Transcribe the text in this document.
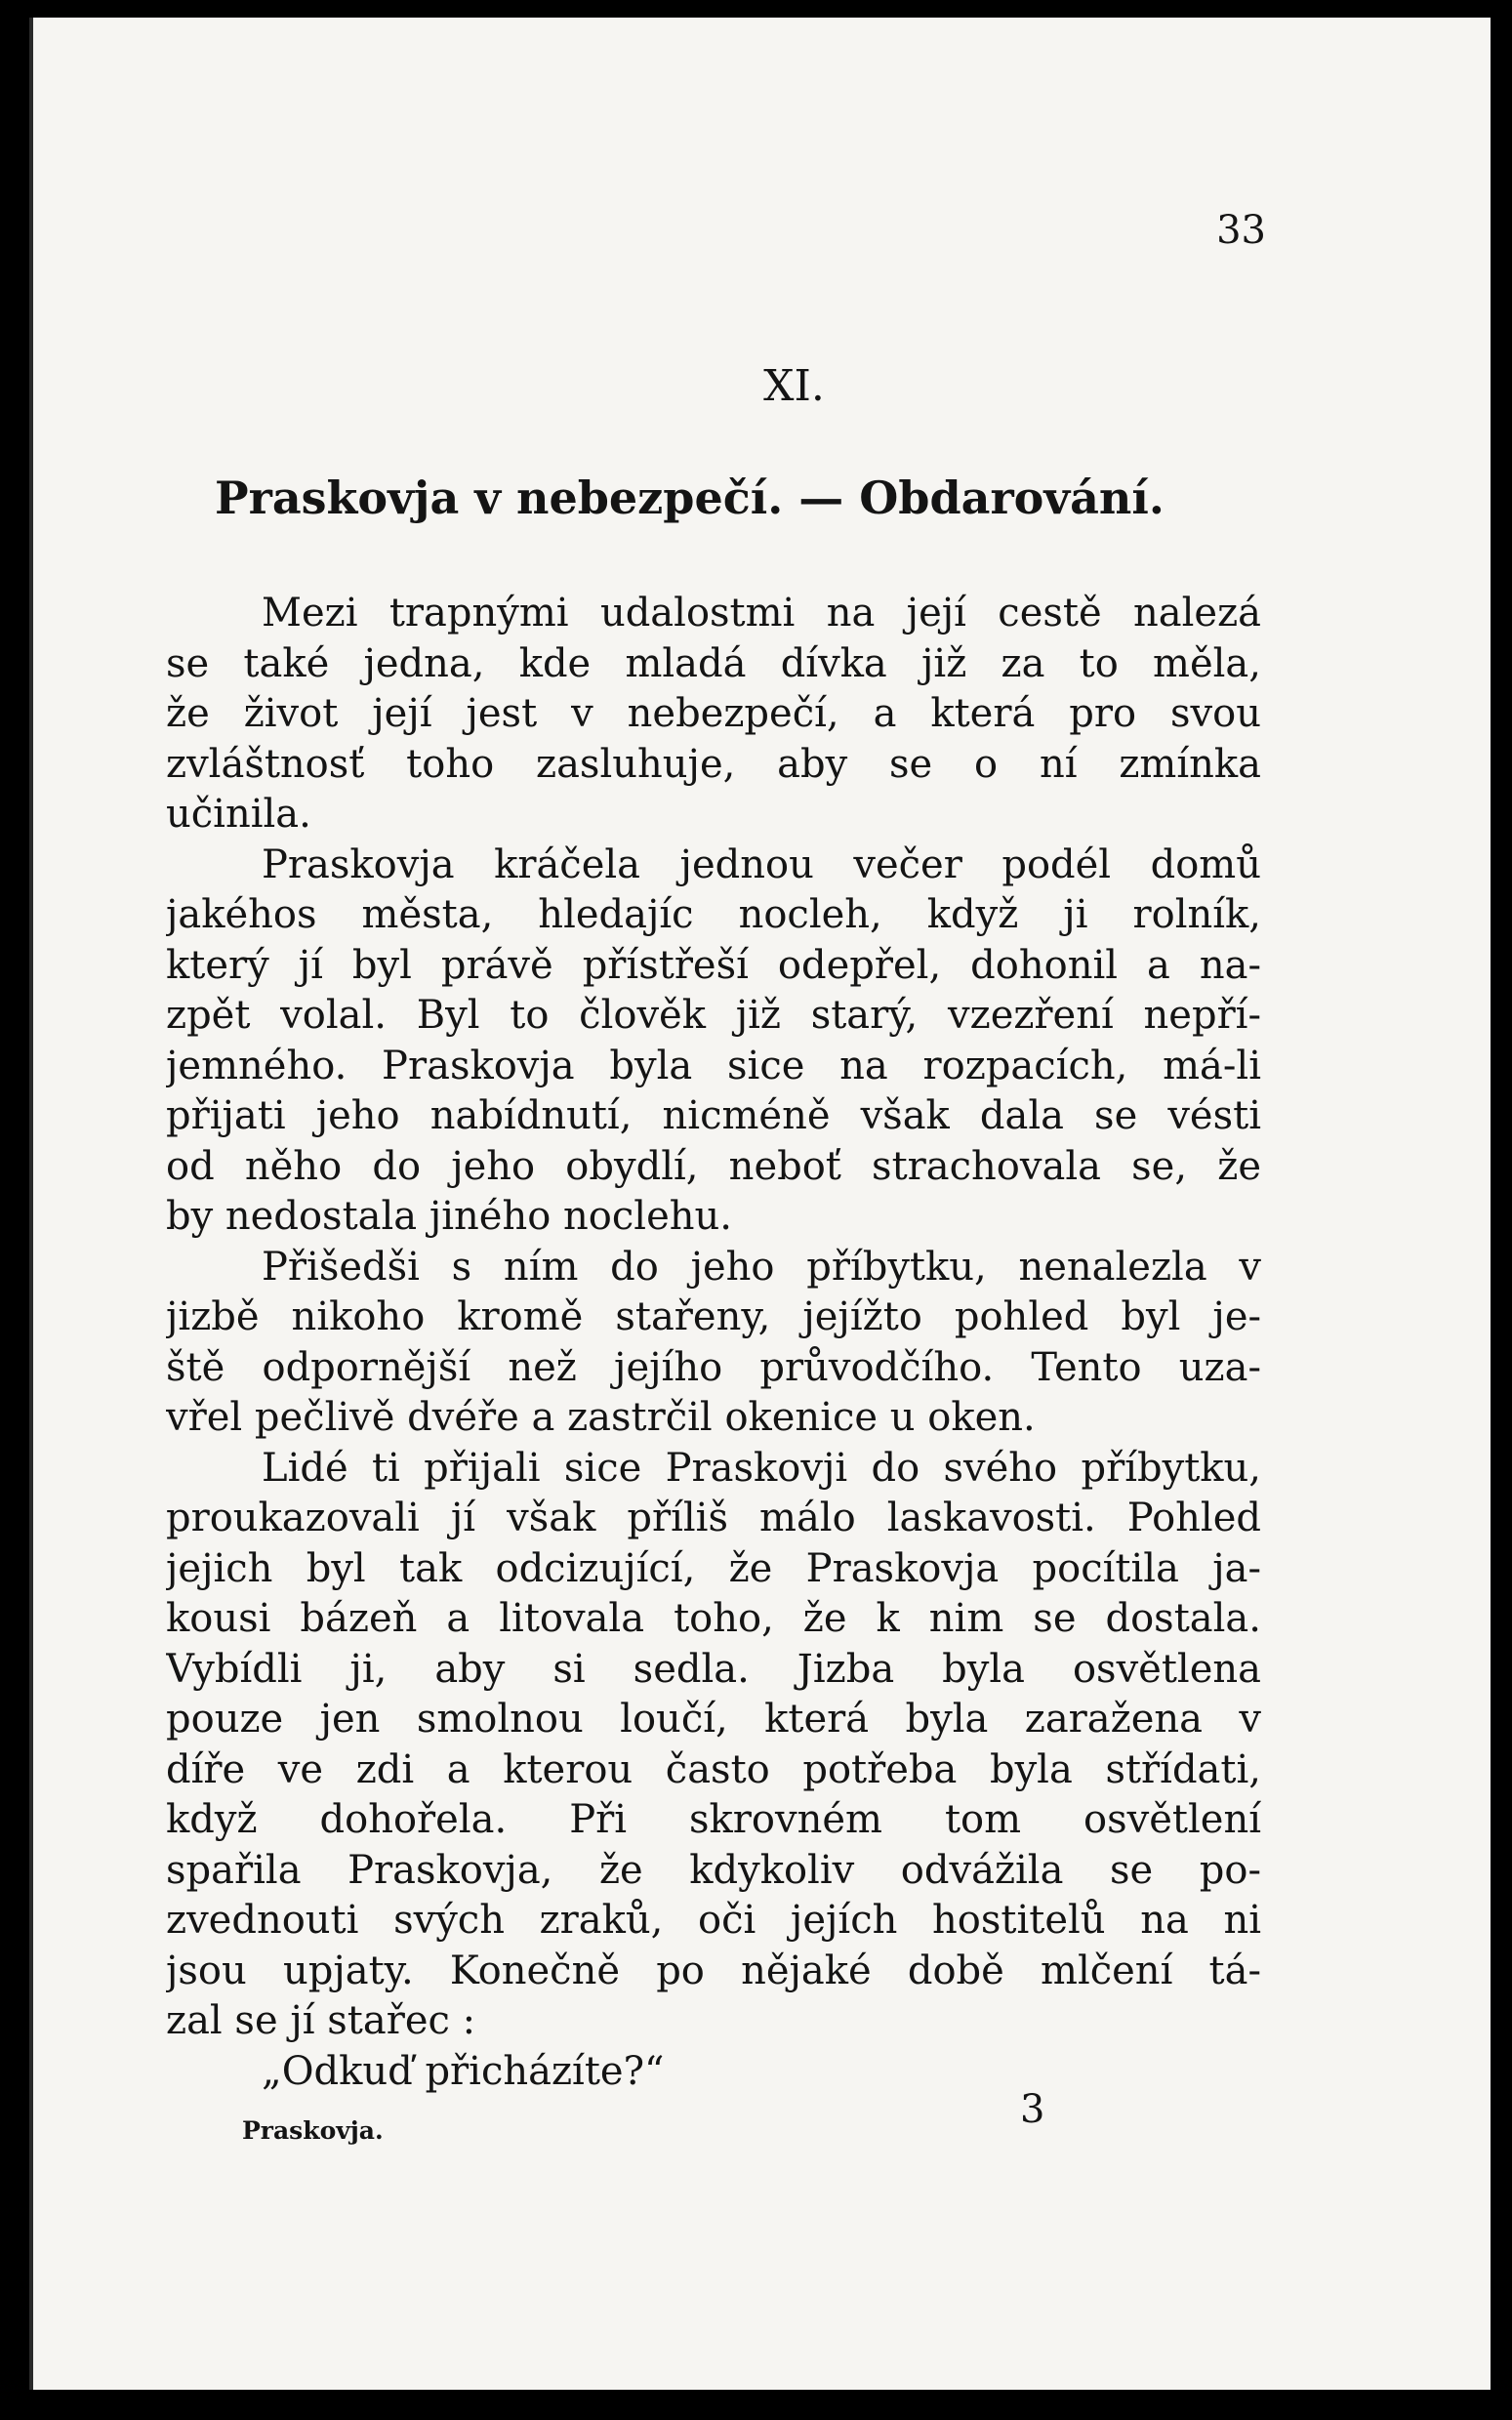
33
XI.
Praskovja v nebezpečí. — Obdarování.
Mezi trapnými udalostmi na její cestě nalezá
se také jedna, kde mladá dívka již za to měla,
že život její jest v nebezpečí, a která pro svou
zvláštnosť toho zasluhuje, aby se o ní zmínka
učinila.
Praskovja kráčela jednou večer podél domů
jakéhos města, hledajíc nocleh, když ji rolník,
který jí byl právě přístřeší odepřel, dohonil a na-
zpět volal. Byl to člověk již starý, vzezření nepří-
jemného. Praskovja byla sice na rozpacích, má-li
přijati jeho nabídnutí, nicméně však dala se vésti
od něho do jeho obydlí, neboť strachovala se, že
by nedostala jiného noclehu.
Přišedši s ním do jeho příbytku, nenalezla v
jizbě nikoho kromě stařeny, jejížto pohled byl je-
ště odpornější než jejího průvodčího. Tento uza-
vřel pečlivě dvéře a zastrčil okenice u oken.
Lidé ti přijali sice Praskovji do svého příbytku,
proukazovali jí však příliš málo laskavosti. Pohled
jejich byl tak odcizující, že Praskovja pocítila ja-
kousi bázeň a litovala toho, že k nim se dostala.
Vybídli ji, aby si sedla. Jizba byla osvětlena
pouze jen smolnou loučí, která byla zaražena v
díře ve zdi a kterou často potřeba byla střídati,
když dohořela. Při skrovném tom osvětlení
spařila Praskovja, že kdykoliv odvážila se po-
zvednouti svých zraků, oči jejích hostitelů na ni
jsou upjaty. Konečně po nějaké době mlčení tá-
zal se jí stařec :
„Odkuď přicházíte?“
Praskovja.	3
